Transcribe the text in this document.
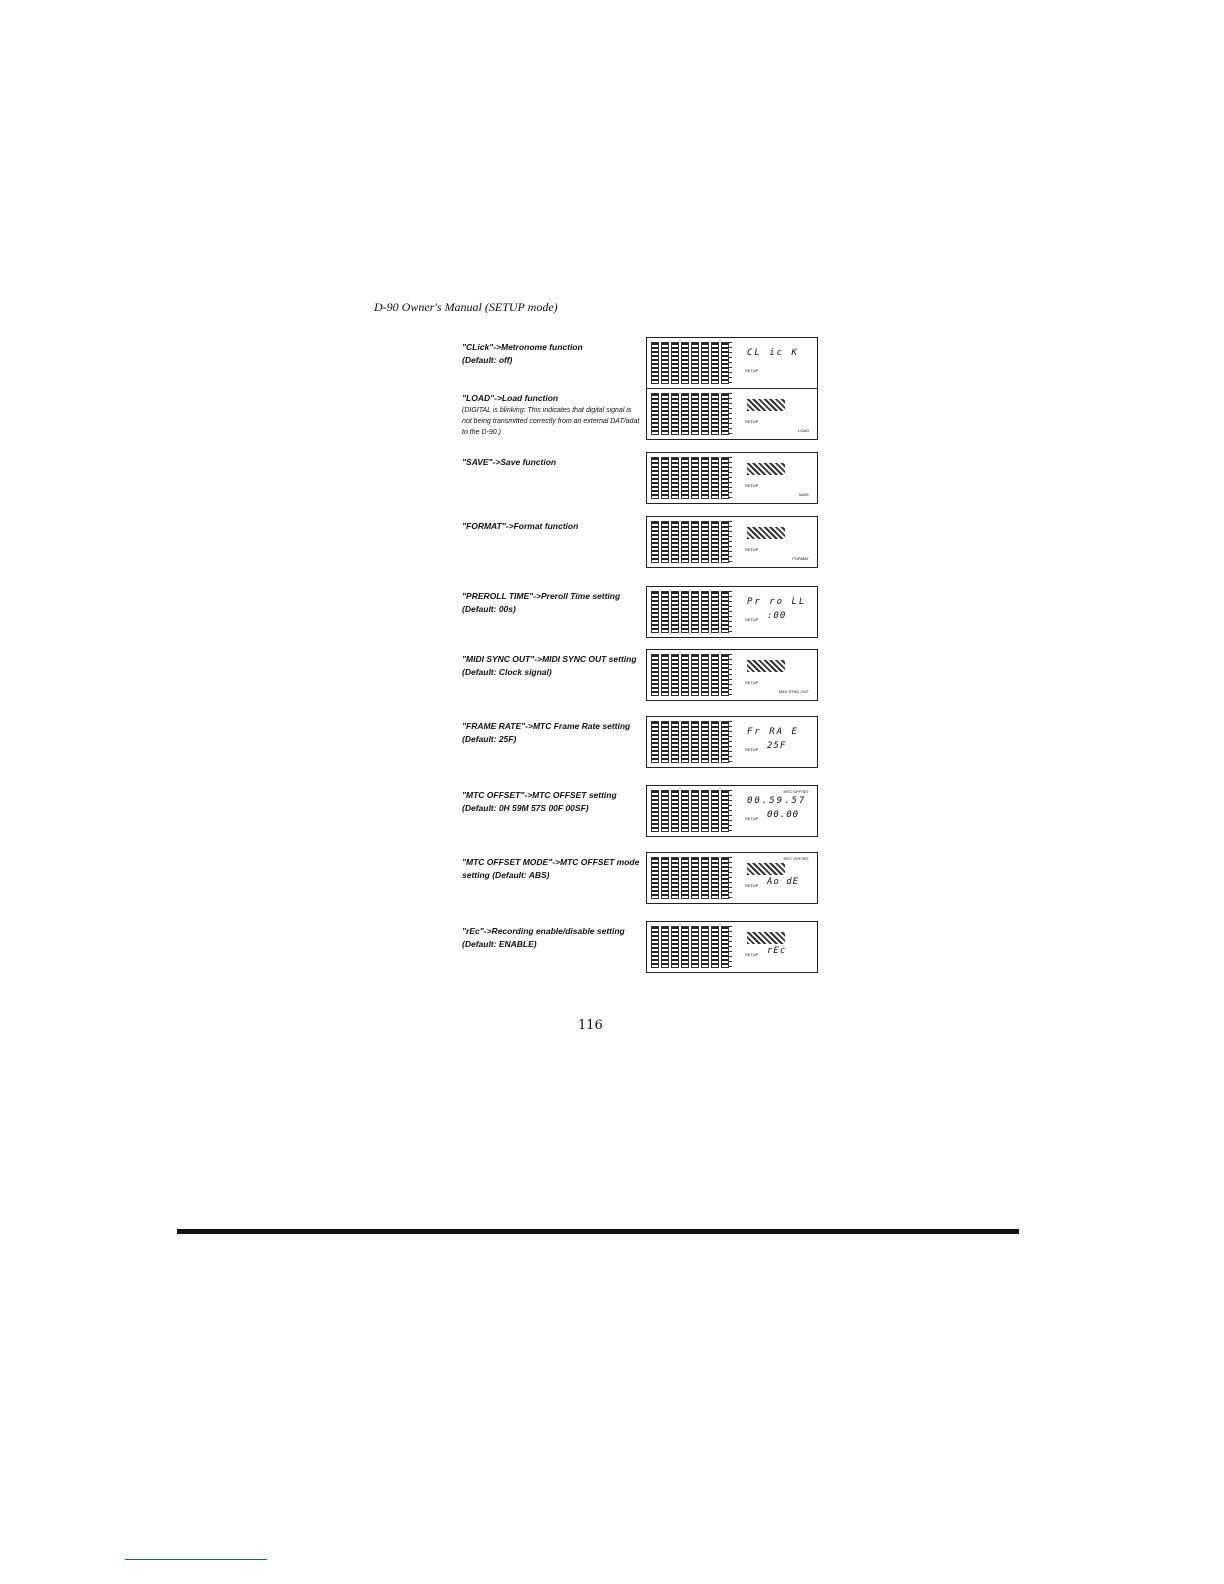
D-90 Owner's Manual (SETUP mode)
"CLick"->Metronome function
(Default: off)
CL ic K
SETUP
"LOAD"->Load function
(DIGITAL is blinking: This indicates that digital signal is not being transmitted correctly from an external DAT/adat to the D-90.)
SETUP
LOAD
"SAVE"->Save function
SETUP
SAVE
"FORMAT"->Format function
SETUP
FORMAT
"PREROLL TIME"->Preroll Time setting
(Default: 00s)
Pr ro LL
:00
SETUP
"MIDI SYNC OUT"->MIDI SYNC OUT setting
(Default: Clock signal)
SETUP
MIDI SYNC OUT
"FRAME RATE"->MTC Frame Rate setting
(Default: 25F)
Fr RA E
25F
SETUP
"MTC OFFSET"->MTC OFFSET setting
(Default: 0H 59M 57S 00F 00SF)
00.59.57
00.00
SETUP
MTC OFFSET
"MTC OFFSET MODE"->MTC OFFSET mode
setting (Default: ABS)
Ao dE
SETUP
MTC OFFSET
"rEc"->Recording enable/disable setting
(Default: ENABLE)
rEc
SETUP
116
